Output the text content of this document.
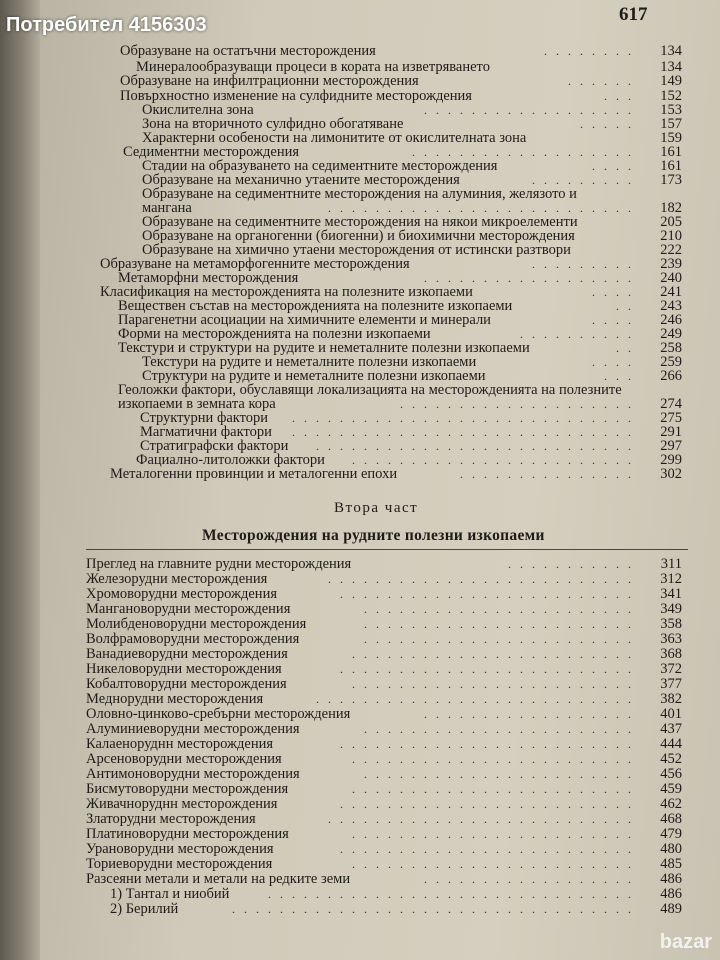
Потребител 4156303	617
Образуване на остатъчни месторождения	........	134
Минералообразуващи процеси в кората на изветряването	134
Образуване на инфилтрационни месторождения	......	149
Повърхностно изменение на сулфидните месторождения	...	152
Окислителна зона	..................	153
Зона на вторичното сулфидно обогатяване	.....	157
Характерни особености на лимонитите от окислителната зона	159
Седиментни месторождения	...................	161
Стадии на образуването на седиментните месторождения	....	161
Образуване на механично утаените месторождения	.........	173
Образуване на седиментните месторождения на алуминия, желязото и
мангана	..........................	182
Образуване на седиментните месторождения на някои микроелементи	205
Образуване на органогенни (биогенни) и биохимични месторождения	210
Образуване на химично утаени месторождения от истински разтвори	222
Образуване на метаморфогенните месторождения	.........	239
Метаморфни месторождения	..................	240
Класификация на месторожденията на полезните изкопаеми	....	241
Веществен състав на месторожденията на полезните изкопаеми	..	243
Парагенетни асоциации на химичните елементи и минерали	....	246
Форми на месторожденията на полезни изкопаеми	..........	249
Текстури и структури на рудите и неметалните полезни изкопаеми	..	258
Текстури на рудите и неметалните полезни изкопаеми	....	259
Структури на рудите и неметалните полезни изкопаеми	...	266
Геоложки фактори, обуславящи локализацията на месторожденията на полезните
изкопаеми в земната кора	....................	274
Структурни фактори .............................	275
Магматични фактори .............................	291
Стратиграфски фактори ...........................	297
Фациално-литоложки фактори ........................	299
Металогенни провинции и металогенни епохи	...............	302
Втора част
Месторождения на рудните полезни изкопаеми
Преглед на главните рудни месторождения	...........	311
Железорудни месторождения	..........................	312
Хромоворудни месторождения	.........................	341
Мангановорудни месторождения	.......................	349
Молибденоворудни месторождения	.......................	358
Волфрамоворудни месторождения	.......................	363
Ванадиеворудни месторождения	........................	368
Никеловорудни месторождения	.........................	372
Кобалтоворудни месторождения	........................	377
Меднорудни месторождения	...........................	382
Оловно-цинково-сребърни месторождения	..................	401
Алуминиеворудни месторождения	.......................	437
Калаеноруднн месторождения	.........................	444
Арсеноворудни месторождения	........................	452
Антимоноворудни месторождения	.......................	456
Бисмутоворудни месторождения	........................	459
Живачноруднн месторождения	.........................	462
Златорудни месторождения	..........................	468
Платиноворудни месторождения	........................	479
Урановорудни месторождения	.........................	480
Ториеворудни месторождения	........................	485
Разсеяни метали и метали на редките земи	..................	486
1) Тантал и ниобий	...............................	486
2) Берилий	..................................	489
bazar
